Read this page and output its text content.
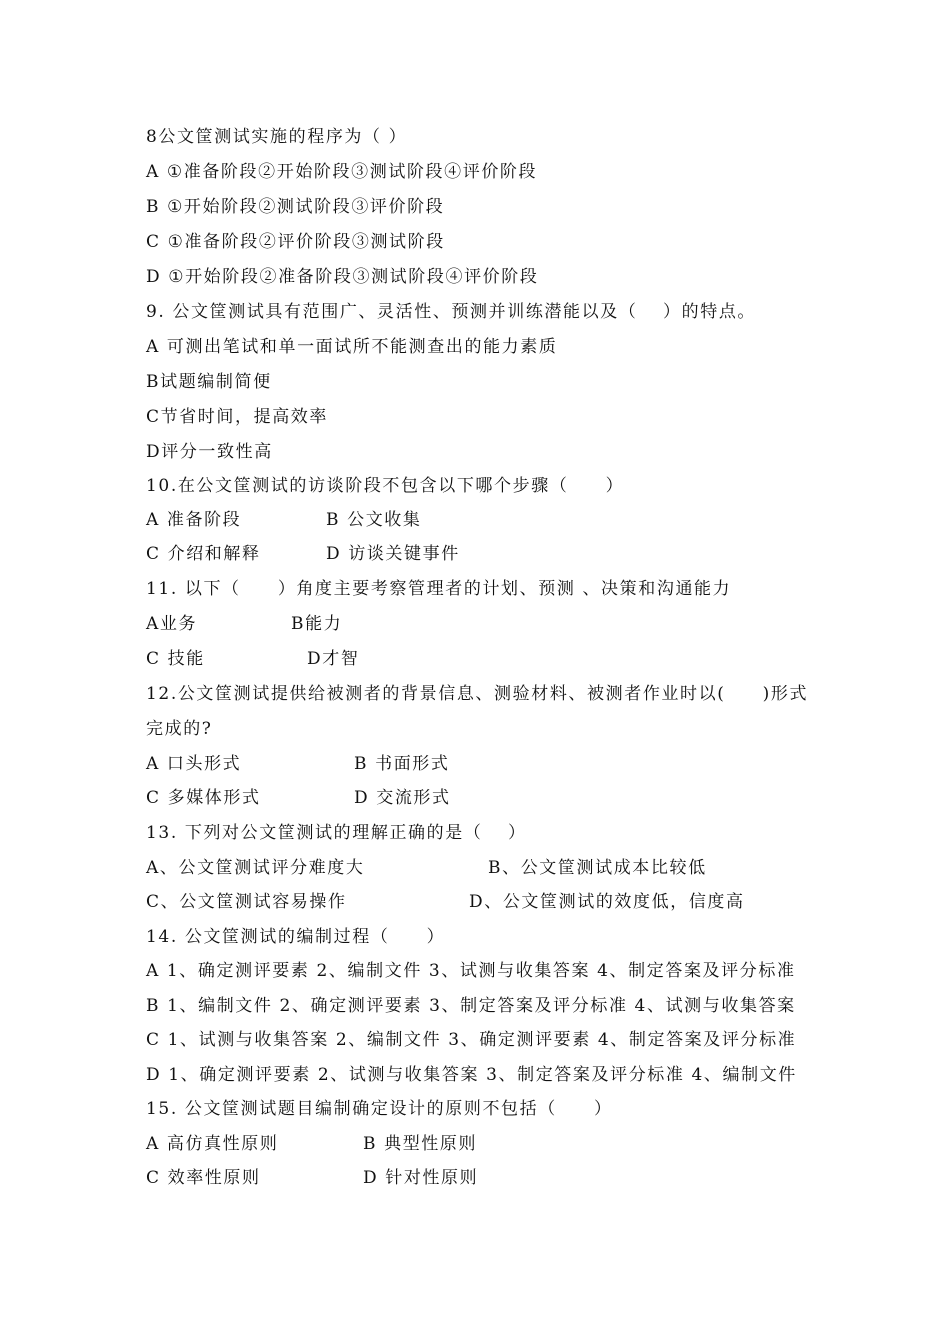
8公文筐测试实施的程序为（ ）
A ①准备阶段②开始阶段③测试阶段④评价阶段
B ①开始阶段②测试阶段③评价阶段
C ①准备阶段②评价阶段③测试阶段
D ①开始阶段②准备阶段③测试阶段④评价阶段
9. 公文筐测试具有范围广、灵活性、预测并训练潜能以及（　 ）的特点。
A 可测出笔试和单一面试所不能测查出的能力素质
B试题编制简便
C节省时间，提高效率
D评分一致性高
10.在公文筐测试的访谈阶段不包含以下哪个步骤（　　）
A 准备阶段	B 公文收集
C 介绍和解释	D 访谈关键事件
11. 以下（　　）角度主要考察管理者的计划、预测 、决策和沟通能力
A业务	B能力
C 技能	D才智
12.公文筐测试提供给被测者的背景信息、测验材料、被测者作业时以(　　)形式
完成的?
A 口头形式	B 书面形式
C 多媒体形式	D 交流形式
13. 下列对公文筐测试的理解正确的是（　 ）
A、公文筐测试评分难度大	B、公文筐测试成本比较低
C、公文筐测试容易操作	D、公文筐测试的效度低，信度高
14. 公文筐测试的编制过程（　　）
A 1、确定测评要素 2、编制文件 3、试测与收集答案 4、制定答案及评分标准
B 1、编制文件 2、确定测评要素 3、制定答案及评分标准 4、试测与收集答案
C 1、试测与收集答案 2、编制文件 3、确定测评要素 4、制定答案及评分标准
D 1、确定测评要素 2、试测与收集答案 3、制定答案及评分标准 4、编制文件
15. 公文筐测试题目编制确定设计的原则不包括（　　）
A 高仿真性原则	B 典型性原则
C 效率性原则	D 针对性原则
